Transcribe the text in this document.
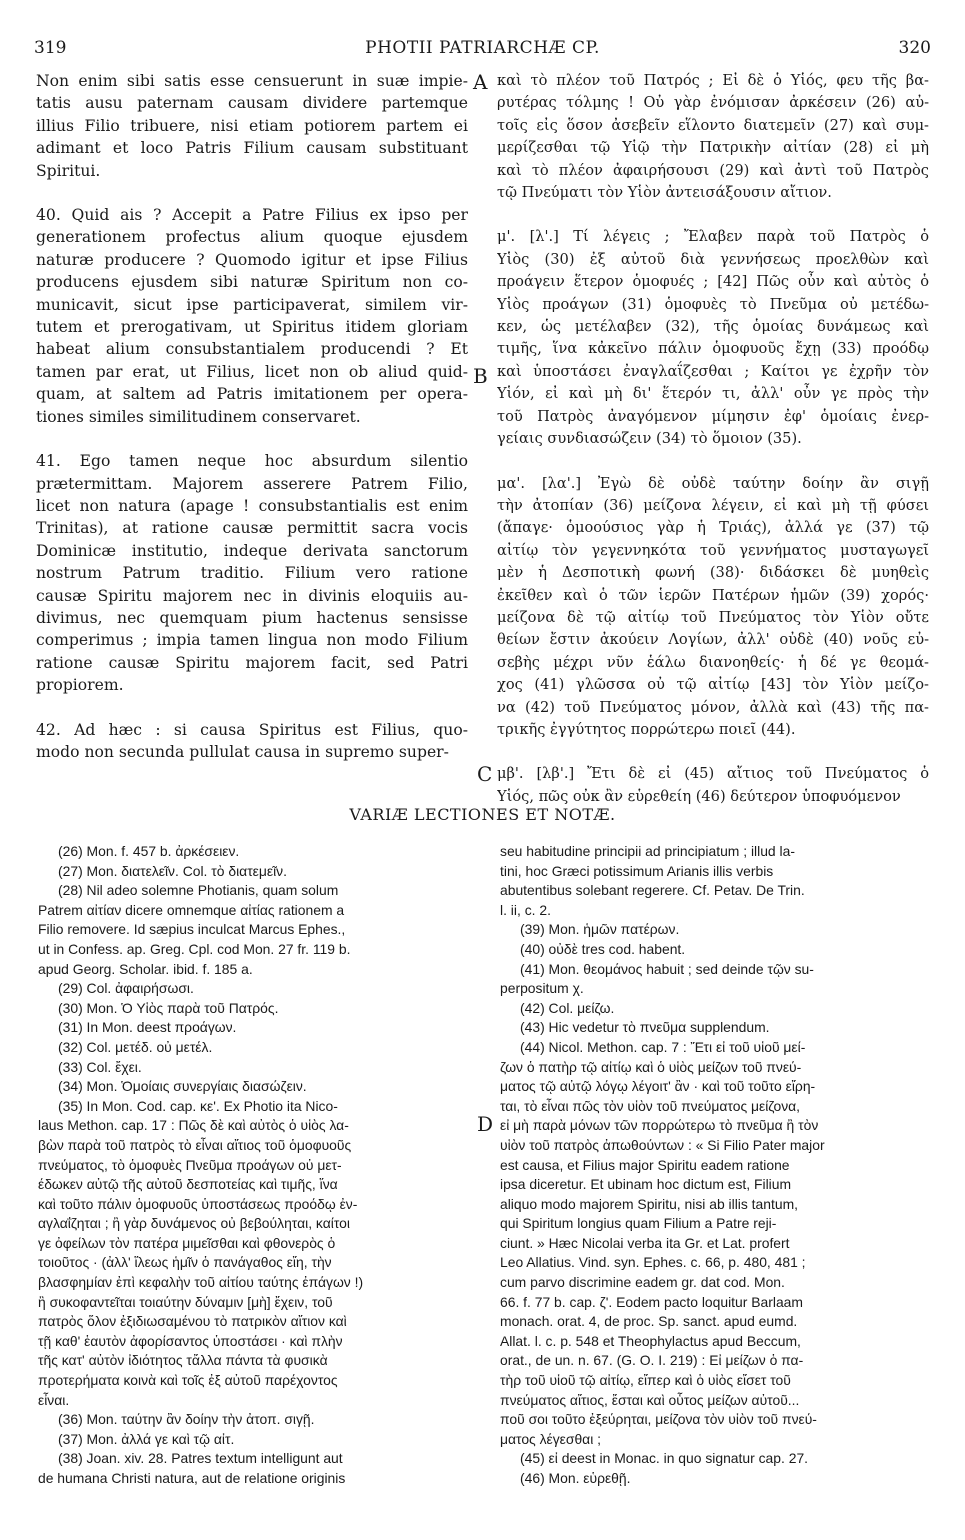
319	PHOTII PATRIARCHÆ CP.	320
Non enim sibi satis esse censuerunt in suæ impie-
tatis ausu paternam causam dividere partemque
illius Filio tribuere, nisi etiam potiorem partem ei
adimant et loco Patris Filium causam substituant
Spiritui.
40. Quid ais ? Accepit a Patre Filius ex ipso per
generationem profectus alium quoque ejusdem
naturæ producere ? Quomodo igitur et ipse Filius
producens ejusdem sibi naturæ Spiritum non co-
municavit, sicut ipse participaverat, similem vir-
tutem et prerogativam, ut Spiritus itidem gloriam
habeat alium consubstantialem producendi ? Et
tamen par erat, ut Filius, licet non ob aliud quid-
quam, at saltem ad Patris imitationem per opera-
tiones similes similitudinem conservaret.
41. Ego tamen neque hoc absurdum silentio
prætermittam. Majorem asserere Patrem Filio,
licet non natura (apage ! consubstantialis est enim
Trinitas), at ratione causæ permittit sacra vocis
Dominicæ institutio, indeque derivata sanctorum
nostrum Patrum traditio. Filium vero ratione
causæ Spiritu majorem nec in divinis eloquiis au-
divimus, nec quemquam pium hactenus sensisse
comperimus ; impia tamen lingua non modo Filium
ratione causæ Spiritu majorem facit, sed Patri
propiorem.
42. Ad hæc : si causa Spiritus est Filius, quo-
modo non secunda pullulat causa in supremo super-
A
B
C
D
καὶ τὸ πλέον τοῦ Πατρός ; Εἰ δὲ ὁ Υἱός, φευ τῆς βα-
ρυτέρας τόλμης ! Οὐ γὰρ ἐνόμισαν ἀρκέσειν (26) αὐ-
τοῖς εἰς ὅσον ἀσεβεῖν εἵλοντο διατεμεῖν (27) καὶ συμ-
μερίζεσθαι τῷ Υἱῷ τὴν Πατρικὴν αἰτίαν (28) εἰ μὴ
καὶ τὸ πλέον ἀφαιρήσουσι (29) καὶ ἀντὶ τοῦ Πατρὸς
τῷ Πνεύματι τὸν Υἱὸν ἀντεισάξουσιν αἴτιον.
μ'. [λ'.] Τί λέγεις ; Ἔλαβεν παρὰ τοῦ Πατρὸς ὁ
Υἱὸς (30) ἐξ αὐτοῦ διὰ γεννήσεως προελθὼν καὶ
προάγειν ἕτερον ὁμοφυές ; [42] Πῶς οὖν καὶ αὐτὸς ὁ
Υἱὸς προάγων (31) ὁμοφυὲς τὸ Πνεῦμα οὐ μετέδω-
κεν, ὡς μετέλαβεν (32), τῆς ὁμοίας δυνάμεως καὶ
τιμῆς, ἵνα κἀκεῖνο πάλιν ὁμοφυοῦς ἔχῃ (33) προόδῳ
καὶ ὑποστάσει ἐναγλαΐζεσθαι ; Καίτοι γε ἐχρῆν τὸν
Υἱόν, εἰ καὶ μὴ δι' ἕτερόν τι, ἀλλ' οὖν γε πρὸς τὴν
τοῦ Πατρὸς ἀναγόμενον μίμησιν ἐφ' ὁμοίαις ἐνερ-
γείαις συνδιασώζειν (34) τὸ ὅμοιον (35).
μα'. [λα'.] Ἐγὼ δὲ οὐδὲ ταύτην δοίην ἂν σιγῇ
τὴν ἀτοπίαν (36) μείζονα λέγειν, εἰ καὶ μὴ τῇ φύσει
(ἄπαγε· ὁμοούσιος γὰρ ἡ Τριάς), ἀλλά γε (37) τῷ
αἰτίῳ τὸν γεγεννηκότα τοῦ γεννήματος μυσταγωγεῖ
μὲν ἡ Δεσποτικὴ φωνή (38)· διδάσκει δὲ μυηθεὶς
ἐκεῖθεν καὶ ὁ τῶν ἱερῶν Πατέρων ἡμῶν (39) χορός·
μείζονα δὲ τῷ αἰτίῳ τοῦ Πνεύματος τὸν Υἱὸν οὔτε
θείων ἔστιν ἀκούειν Λογίων, ἀλλ' οὐδὲ (40) νοῦς εὐ-
σεβὴς μέχρι νῦν ἑάλω διανοηθείς· ἡ δέ γε θεομά-
χος (41) γλῶσσα οὐ τῷ αἰτίῳ [43] τὸν Υἱὸν μείζο-
να (42) τοῦ Πνεύματος μόνον, ἀλλὰ καὶ (43) τῆς πα-
τρικῆς ἐγγύτητος πορρώτερω ποιεῖ (44).
μβ'. [λβ'.] Ἔτι δὲ εἰ (45) αἴτιος τοῦ Πνεύματος ὁ
Υἱός, πῶς οὐκ ἂν εὑρεθείη (46) δεύτερον ὑποφυόμενον
VARIÆ LECTIONES ET NOTÆ.
(26) Mon. f. 457 b. ἀρκέσειεν.
(27) Mon. διατελεῖν. Col. τὸ διατεμεῖν.
(28) Nil adeo solemne Photianis, quam solum
Patrem αἰτίαν dicere omnemque αἰτίας rationem a
Filio removere. Id sæpius inculcat Marcus Ephes.,
ut in Confess. ap. Greg. Cpl. cod Mon. 27 fr. 119 b.
apud Georg. Scholar. ibid. f. 185 a.
(29) Col. ἀφαιρήσωσι.
(30) Mon. Ὁ Υἱὸς παρὰ τοῦ Πατρός.
(31) In Mon. deest προάγων.
(32) Col. μετέδ. οὐ μετέλ.
(33) Col. ἔχει.
(34) Mon. Ὁμοίαις συνεργίαις διασώζειν.
(35) In Mon. Cod. cap. κε'. Ex Photio ita Nico-
laus Methon. cap. 17 : Πῶς δὲ καὶ αὐτὸς ὁ υἱὸς λα-
βὼν παρὰ τοῦ πατρὸς τὸ εἶναι αἴτιος τοῦ ὁμοφυοῦς
πνεύματος, τὸ ὁμοφυὲς Πνεῦμα προάγων οὐ μετ-
έδωκεν αὐτῷ τῆς αὐτοῦ δεσποτείας καὶ τιμῆς, ἵνα
καὶ τοῦτο πάλιν ὁμοφυοῦς ὑποστάσεως προόδῳ ἐν-
αγλαΐζηται ; ἢ γὰρ δυνάμενος οὐ βεβούληται, καίτοι
γε ὀφείλων τὸν πατέρα μιμεῖσθαι καὶ φθονερὸς ὁ
τοιοῦτος · (ἀλλ' ἵλεως ἡμῖν ὁ πανάγαθος εἴη, τὴν
βλασφημίαν ἐπὶ κεφαλὴν τοῦ αἰτίου ταύτης ἐπάγων !)
ἢ συκοφαντεῖται τοιαύτην δύναμιν [μὴ] ἔχειν, τοῦ
πατρὸς ὅλον ἐξιδιωσαμένου τὸ πατρικὸν αἴτιον καὶ
τῇ καθ' ἑαυτὸν ἀφορίσαντος ὑποστάσει · καὶ πλὴν
τῆς κατ' αὐτὸν ἰδιότητος τἄλλα πάντα τὰ φυσικὰ
προτερήματα κοινὰ καὶ τοῖς ἐξ αὐτοῦ παρέχοντος
εἶναι.
(36) Mon. ταύτην ἂν δοίην τὴν ἀτοπ. σιγῇ.
(37) Mon. ἀλλά γε καὶ τῷ αἰτ.
(38) Joan. xiv. 28. Patres textum intelligunt aut
de humana Christi natura, aut de relatione originis
seu habitudine principii ad principiatum ; illud la-
tini, hoc Græci potissimum Arianis illis verbis
abutentibus solebant regerere. Cf. Petav. De Trin.
l. ii, c. 2.
(39) Mon. ἡμῶν πατέρων.
(40) οὐδὲ tres cod. habent.
(41) Mon. θεομάνος habuit ; sed deinde τῷν su-
perpositum χ.
(42) Col. μείζω.
(43) Hic vedetur τὸ πνεῦμα supplendum.
(44) Nicol. Methon. cap. 7 : Ἔτι εἰ τοῦ υἱοῦ μεί-
ζων ὁ πατὴρ τῷ αἰτίῳ καὶ ὁ υἱὸς μείζων τοῦ πνεύ-
ματος τῷ αὐτῷ λόγῳ λέγοιτ' ἂν · καὶ τοῦ τοῦτο εἴρη-
ται, τὸ εἶναι πῶς τὸν υἱὸν τοῦ πνεύματος μείζονα,
εἰ μὴ παρὰ μόνων τῶν πορρώτερω τὸ πνεῦμα ἢ τὸν
υἱὸν τοῦ πατρὸς ἀπωθούντων : « Si Filio Pater major
est causa, et Filius major Spiritu eadem ratione
ipsa diceretur. Et ubinam hoc dictum est, Filium
aliquo modo majorem Spiritu, nisi ab illis tantum,
qui Spiritum longius quam Filium a Patre reji-
ciunt. » Hæc Nicolai verba ita Gr. et Lat. profert
Leo Allatius. Vind. syn. Ephes. c. 66, p. 480, 481 ;
cum parvo discrimine eadem gr. dat cod. Mon.
66. f. 77 b. cap. ζ'. Eodem pacto loquitur Barlaam
monach. orat. 4, de proc. Sp. sanct. apud eumd.
Allat. l. c. p. 548 et Theophylactus apud Beccum,
orat., de un. n. 67. (G. O. I. 219) : Εἰ μείζων ὁ πα-
τὴρ τοῦ υἱοῦ τῷ αἰτίῳ, εἴπερ καὶ ὁ υἱὸς εἴσετ τοῦ
πνεύματος αἴτιος, ἔσται καὶ οὗτος μείζων αὐτοῦ...
ποῦ σοι τοῦτο ἐξεύρηται, μείζονα τὸν υἱὸν τοῦ πνεύ-
ματος λέγεσθαι ;
(45) εἰ deest in Monac. in quo signatur cap. 27.
(46) Mon. εὑρεθῇ.
